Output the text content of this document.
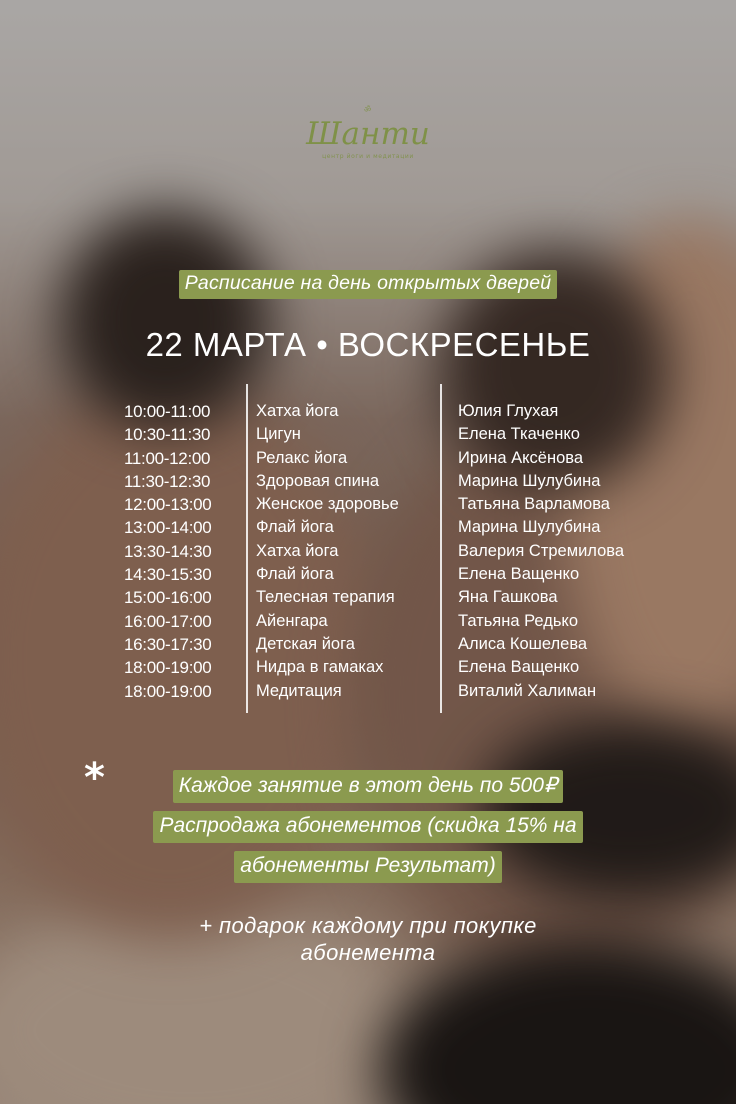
ॐ
Шанти
центр йоги и медитации
Расписание на день открытых дверей
22 МАРТА • ВОСКРЕСЕНЬЕ
10:00-11:00	Хатха йога	Юлия Глухая
10:30-11:30	Цигун	Елена Ткаченко
11:00-12:00	Релакс йога	Ирина Аксёнова
11:30-12:30	Здоровая спина	Марина Шулубина
12:00-13:00	Женское здоровье	Татьяна Варламова
13:00-14:00	Флай йога	Марина Шулубина
13:30-14:30	Хатха йога	Валерия Стремилова
14:30-15:30	Флай йога	Елена Ващенко
15:00-16:00	Телесная терапия	Яна Гашкова
16:00-17:00	Айенгара	Татьяна Редько
16:30-17:30	Детская йога	Алиса Кошелева
18:00-19:00	Нидра в гамаках	Елена Ващенко
18:00-19:00	Медитация	Виталий Халиман
*	Каждое занятие в этот день по 500₽
Распродажа абонементов (скидка 15% на
абонементы Результат)
+ подарок каждому при покупке
абонемента
